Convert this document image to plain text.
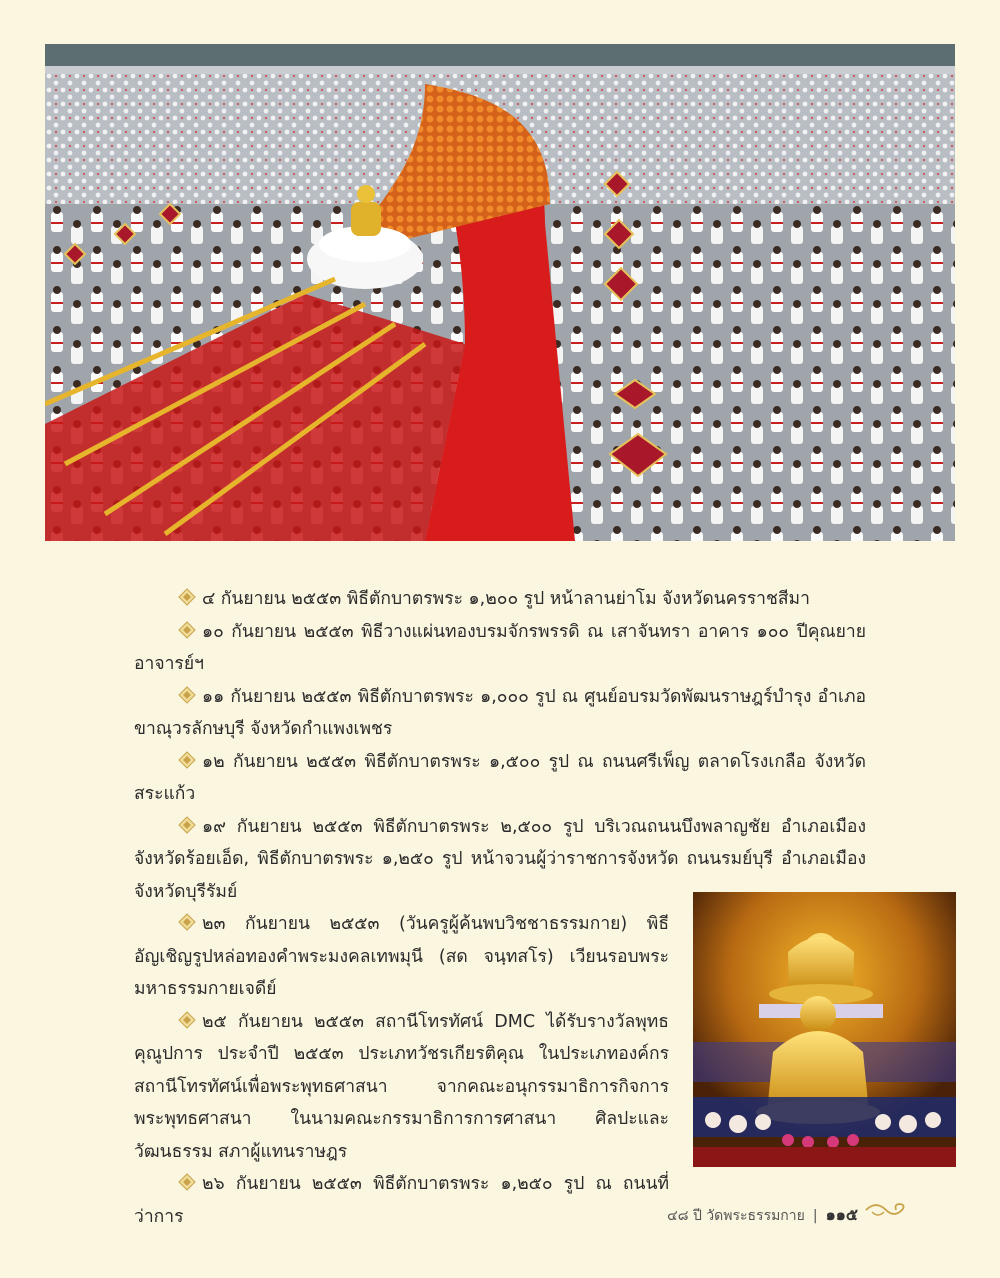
๔ กันยายน ๒๕๕๓ พิธีตักบาตรพระ ๑,๒๐๐ รูป หน้าลานย่าโม จังหวัดนครราชสีมา

๑๐ กันยายน ๒๕๕๓ พิธีวางแผ่นทองบรมจักรพรรดิ ณ เสาจันทรา อาคาร ๑๐๐ ปีคุณยายอาจารย์ฯ

๑๑ กันยายน ๒๕๕๓ พิธีตักบาตรพระ ๑,๐๐๐ รูป ณ ศูนย์อบรมวัดพัฒนราษฎร์บำรุง อำเภอขาณุวรลักษบุรี จังหวัดกำแพงเพชร

๑๒ กันยายน ๒๕๕๓ พิธีตักบาตรพระ ๑,๕๐๐ รูป ณ ถนนศรีเพ็ญ ตลาดโรงเกลือ จังหวัดสระแก้ว

๑๙ กันยายน ๒๕๕๓ พิธีตักบาตรพระ ๒,๕๐๐ รูป บริเวณถนนบึงพลาญชัย อำเภอเมืองจังหวัดร้อยเอ็ด, พิธีตักบาตรพระ ๑,๒๕๐ รูป หน้าจวนผู้ว่าราชการจังหวัด ถนนรมย์บุรี อำเภอเมืองจังหวัดบุรีรัมย์

๒๓ กันยายน ๒๕๕๓ (วันครูผู้ค้นพบวิชชาธรรมกาย) พิธีอัญเชิญรูปหล่อทองคำพระมงคลเทพมุนี (สด จนฺทสโร) เวียนรอบพระมหาธรรมกายเจดีย์

๒๕ กันยายน ๒๕๕๓ สถานีโทรทัศน์ DMC ได้รับรางวัลพุทธคุณูปการ ประจำปี ๒๕๕๓ ประเภทวัชรเกียรติคุณ ในประเภทองค์กรสถานีโทรทัศน์เพื่อพระพุทธศาสนา จากคณะอนุกรรมาธิการกิจการพระพุทธศาสนา ในนามคณะกรรมาธิการการศาสนา ศิลปะและวัฒนธรรม สภาผู้แทนราษฎร

๒๖ กันยายน ๒๕๕๓ พิธีตักบาตรพระ ๑,๒๕๐ รูป ณ ถนนที่ว่าการ	๔๘ ปี วัดพระธรรมกาย | ๑๑๕
